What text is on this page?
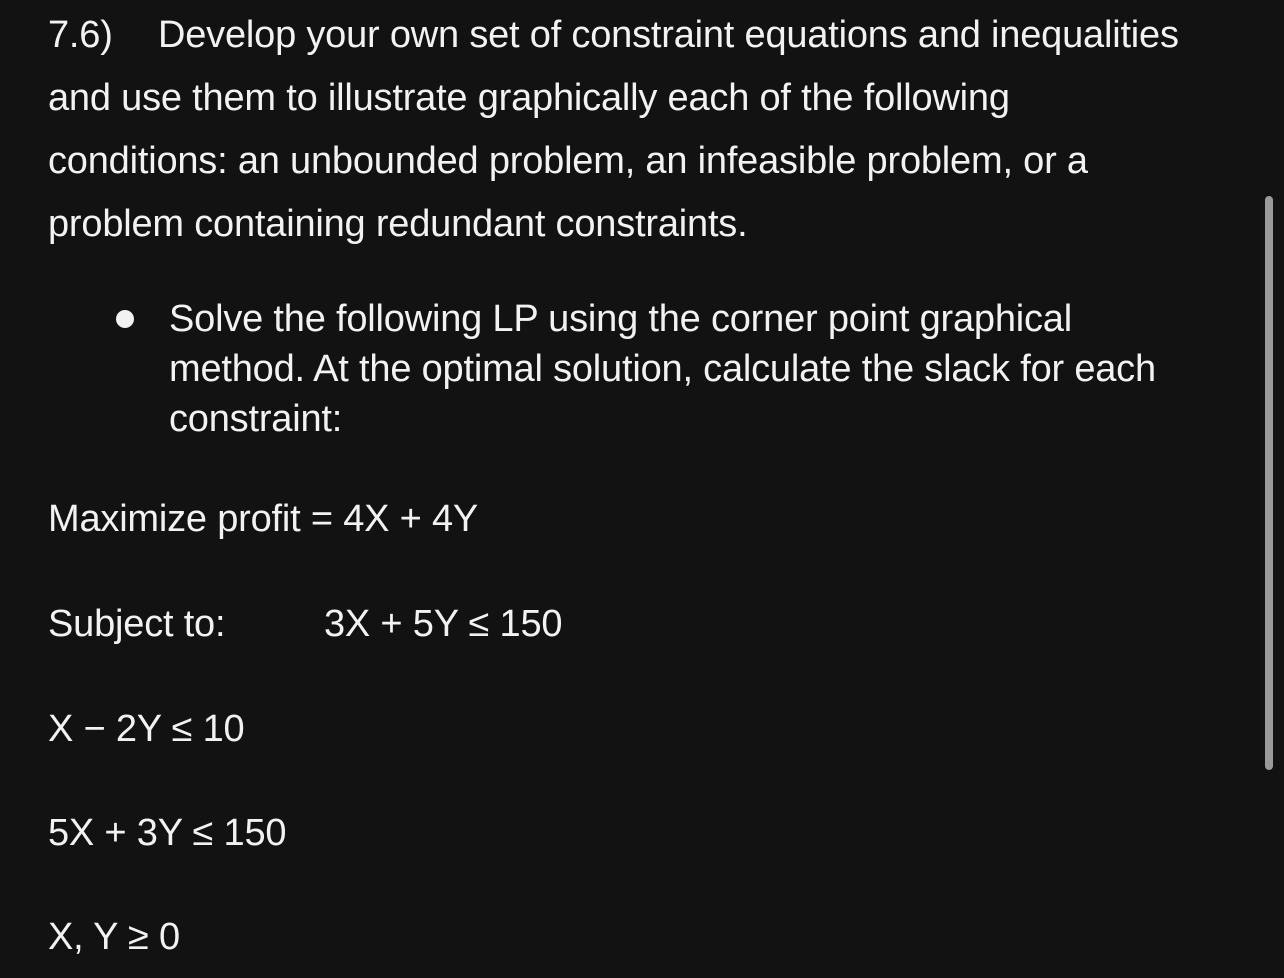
7.6) Develop your own set of constraint equations and inequalities and use them to illustrate graphically each of the following conditions: an unbounded problem, an infeasible problem, or a problem containing redundant constraints.

Solve the following LP using the corner point graphical method. At the optimal solution, calculate the slack for each constraint:

Maximize profit = 4X + 4Y

Subject to:	3X + 5Y ≤ 150

X − 2Y ≤ 10

5X + 3Y ≤ 150

X, Y ≥ 0
